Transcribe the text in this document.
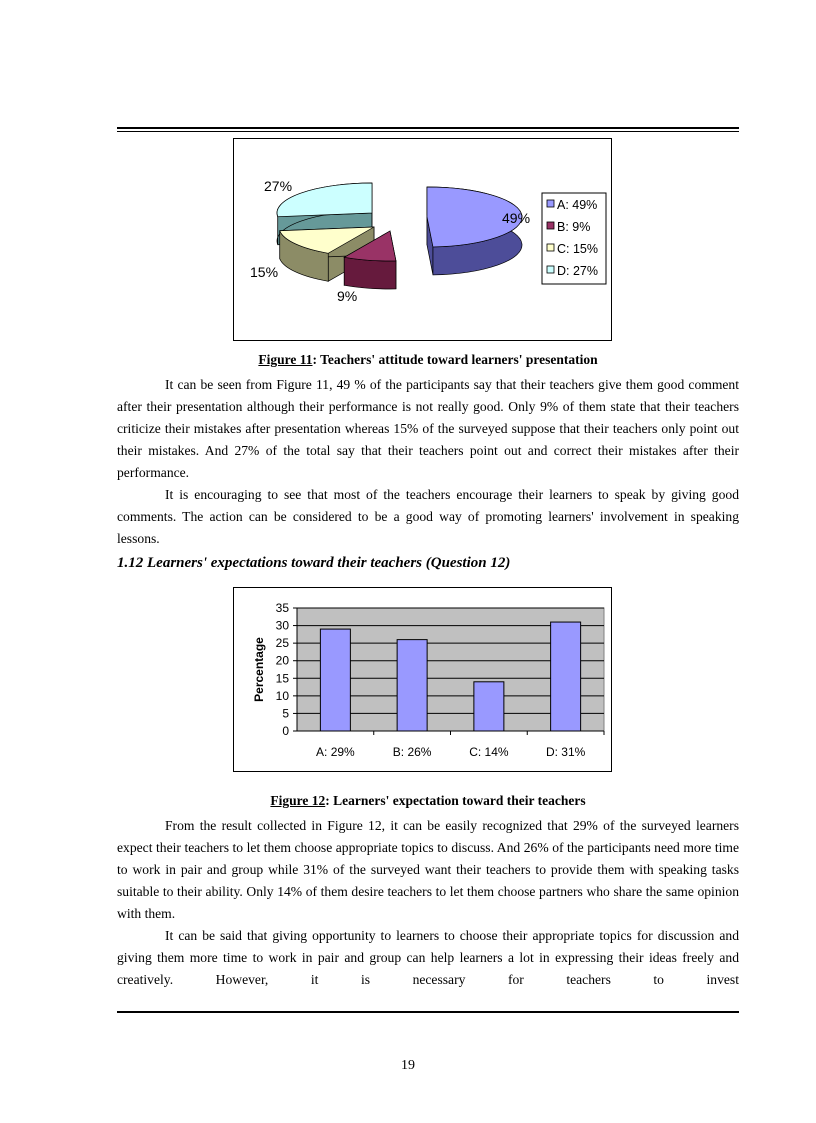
49%
9%
15%
27%
A: 49%
B: 9%
C: 15%
D: 27%
Figure 11: Teachers' attitude toward learners' presentation

It can be seen from Figure 11, 49 % of the participants say that their teachers give them good comment after their presentation although their performance is not really good. Only 9% of them state that their teachers criticize their mistakes after presentation whereas 15% of the surveyed suppose that their teachers only point out their mistakes. And 27% of the total say that their teachers point out and correct their mistakes after their performance.

It is encouraging to see that most of the teachers encourage their learners to speak by giving good comments. The action can be considered to be a good way of promoting learners' involvement in speaking lessons.

1.12 Learners' expectations toward their teachers (Question 12)
0
5
10
15
20
25
30
35
A: 29%	B: 26%	C: 14%	D: 31%
Percentage
Figure 12: Learners' expectation toward their teachers

From the result collected in Figure 12, it can be easily recognized that 29% of the surveyed learners expect their teachers to let them choose appropriate topics to discuss. And 26% of the participants need more time to work in pair and group while 31% of the surveyed want their teachers to provide them with speaking tasks suitable to their ability. Only 14% of them desire teachers to let them choose partners who share the same opinion with them.

It can be said that giving opportunity to learners to choose their appropriate topics for discussion and giving them more time to work in pair and group can help learners a lot in expressing their ideas freely and creatively. However, it is necessary for teachers to invest

19
